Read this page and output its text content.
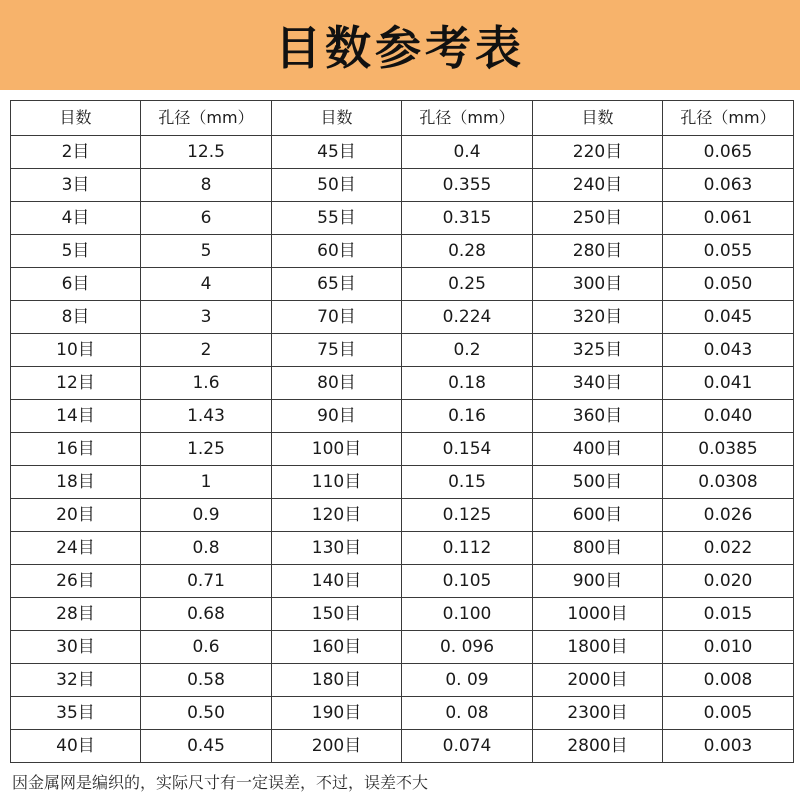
目数参考表
目数	孔径（mm）	目数	孔径（mm）	目数	孔径（mm）
2目	12.5	45目	0.4	220目	0.065
3目	8	50目	0.355	240目	0.063
4目	6	55目	0.315	250目	0.061
5目	5	60目	0.28	280目	0.055
6目	4	65目	0.25	300目	0.050
8目	3	70目	0.224	320目	0.045
10目	2	75目	0.2	325目	0.043
12目	1.6	80目	0.18	340目	0.041
14目	1.43	90目	0.16	360目	0.040
16目	1.25	100目	0.154	400目	0.0385
18目	1	110目	0.15	500目	0.0308
20目	0.9	120目	0.125	600目	0.026
24目	0.8	130目	0.112	800目	0.022
26目	0.71	140目	0.105	900目	0.020
28目	0.68	150目	0.100	1000目	0.015
30目	0.6	160目	0. 096	1800目	0.010
32目	0.58	180目	0. 09	2000目	0.008
35目	0.50	190目	0. 08	2300目	0.005
40目	0.45	200目	0.074	2800目	0.003
因金属网是编织的，实际尺寸有一定误差，不过，误差不大
